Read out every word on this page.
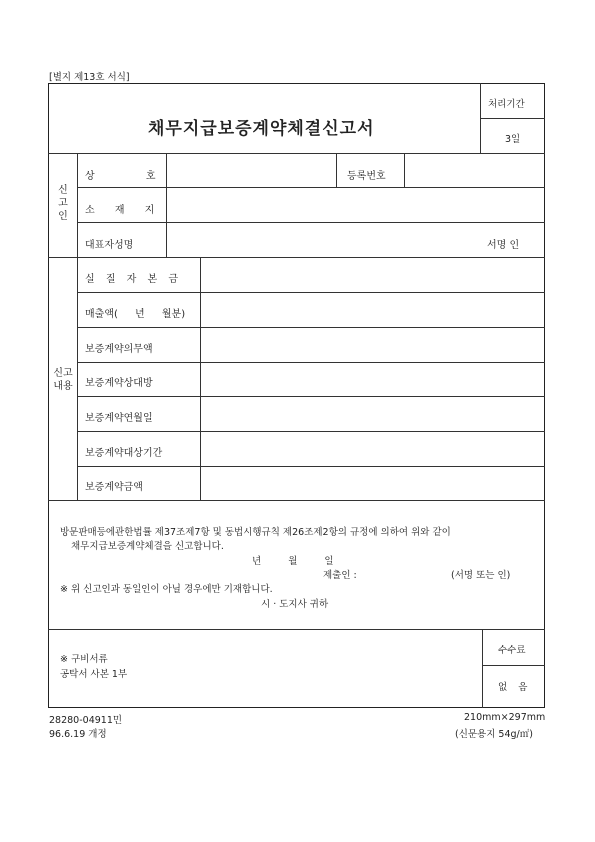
[별지 제13호 서식]
채무지급보증계약체결신고서
처리기간
3일
신고인
상 호	등록번호
소 재 지
대표자성명	서명 인
신고
내용
실 질 자 본 금
매출액( 년 월분)
보증계약의무액
보증계약상대방
보증계약연월일
보증계약대상기간
보증계약금액
방문판매등에관한법률 제37조제7항 및 동법시행규칙 제26조제2항의 규정에 의하여 위와 같이
채무지급보증계약체결을 신고합니다.
년 월 일
제출인 :	(서명 또는 인)
※ 위 신고인과 동일인이 아닐 경우에만 기재합니다.
시 · 도지사 귀하
※ 구비서류
공탁서 사본 1부
수수료
없 음
28280-04911민
96.6.19 개정
210mm×297mm
(신문용지 54g/㎡)
